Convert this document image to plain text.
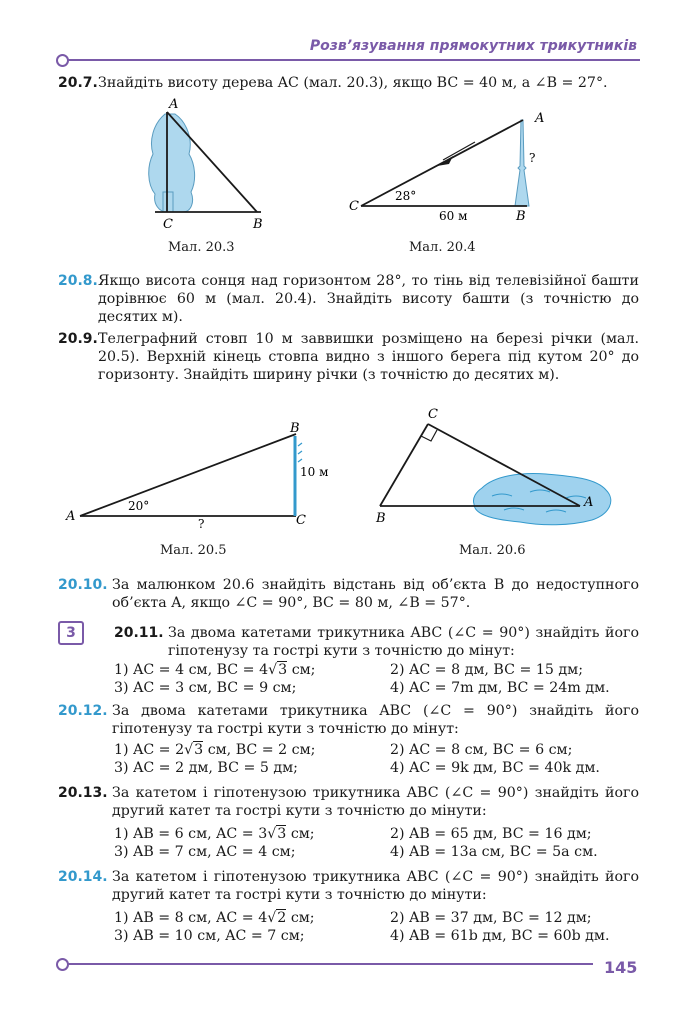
Розв’язування прямокутних трикутників
20.7. Знайдіть висоту дерева AC (мал. 20.3), якщо BC = 40 м, а ∠B = 27°.
A
C	B
Мал. 20.3
A
C
B
28°
60 м
?
Мал. 20.4
20.8. Якщо висота сонця над горизонтом 28°, то тінь від телевізійної башти дорівнює 60 м (мал. 20.4). Знайдіть висоту башти (з точністю до десятих м).
20.9. Телеграфний стовп 10 м заввишки розміщено на березі річки (мал. 20.5). Верхній кінець стовпа видно з іншого берега під кутом 20° до горизонту. Знайдіть ширину річки (з точністю до десятих м).
A
B
C
10 м
20°
?
Мал. 20.5
C
B
A
Мал. 20.6
20.10. За малюнком 20.6 знайдіть відстань від об’єкта B до недоступного об’єкта A, якщо ∠C = 90°, BC = 80 м, ∠B = 57°.
3	20.11. За двома катетами трикутника ABC (∠C = 90°) знайдіть його гіпотенузу та гострі кути з точністю до мінут:
1) AC = 4 см, BC = 4√3 см;	2) AC = 8 дм, BC = 15 дм;
3) AC = 3 см, BC = 9 см;	4) AC = 7m дм, BC = 24m дм.
20.12. За двома катетами трикутника ABC (∠C = 90°) знайдіть його гіпотенузу та гострі кути з точністю до мінут:
1) AC = 2√3 см, BC = 2 см;	2) AC = 8 см, BC = 6 см;
3) AC = 2 дм, BC = 5 дм;	4) AC = 9k дм, BC = 40k дм.
20.13. За катетом і гіпотенузою трикутника ABC (∠C = 90°) знайдіть його другий катет та гострі кути з точністю до мінути:
1) AB = 6 см, AC = 3√3 см;	2) AB = 65 дм, BC = 16 дм;
3) AB = 7 см, AC = 4 см;	4) AB = 13a см, BC = 5a см.
20.14. За катетом і гіпотенузою трикутника ABC (∠C = 90°) знайдіть його другий катет та гострі кути з точністю до мінути:
1) AB = 8 см, AC = 4√2 см;	2) AB = 37 дм, BC = 12 дм;
3) AB = 10 см, AC = 7 см;	4) AB = 61b дм, BC = 60b дм.
145
